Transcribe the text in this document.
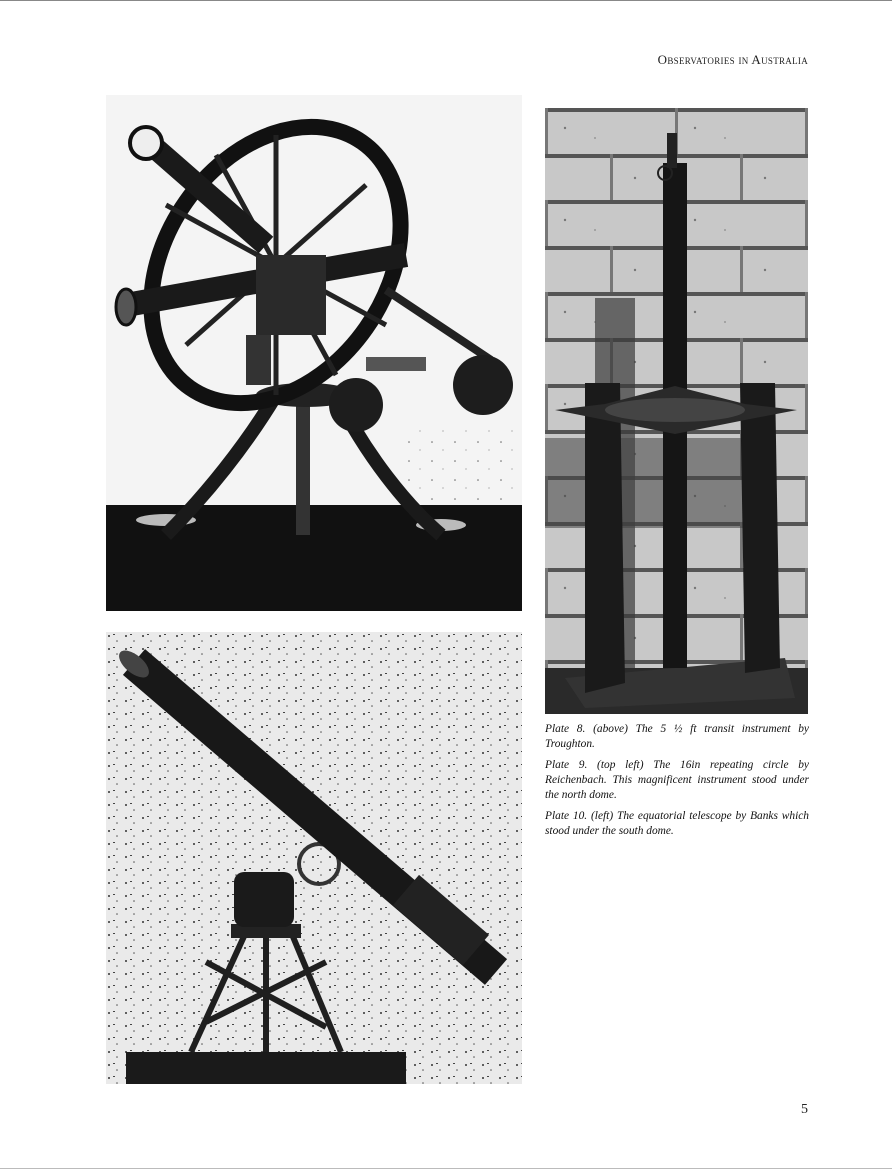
Observatories in Australia

Plate 8. (above) The 5 ½ ft transit instrument by Troughton.

Plate 9. (top left) The 16in repeating circle by Reichenbach. This magnificent instrument stood under the north dome.

Plate 10. (left) The equatorial telescope by Banks which stood under the south dome.

5
